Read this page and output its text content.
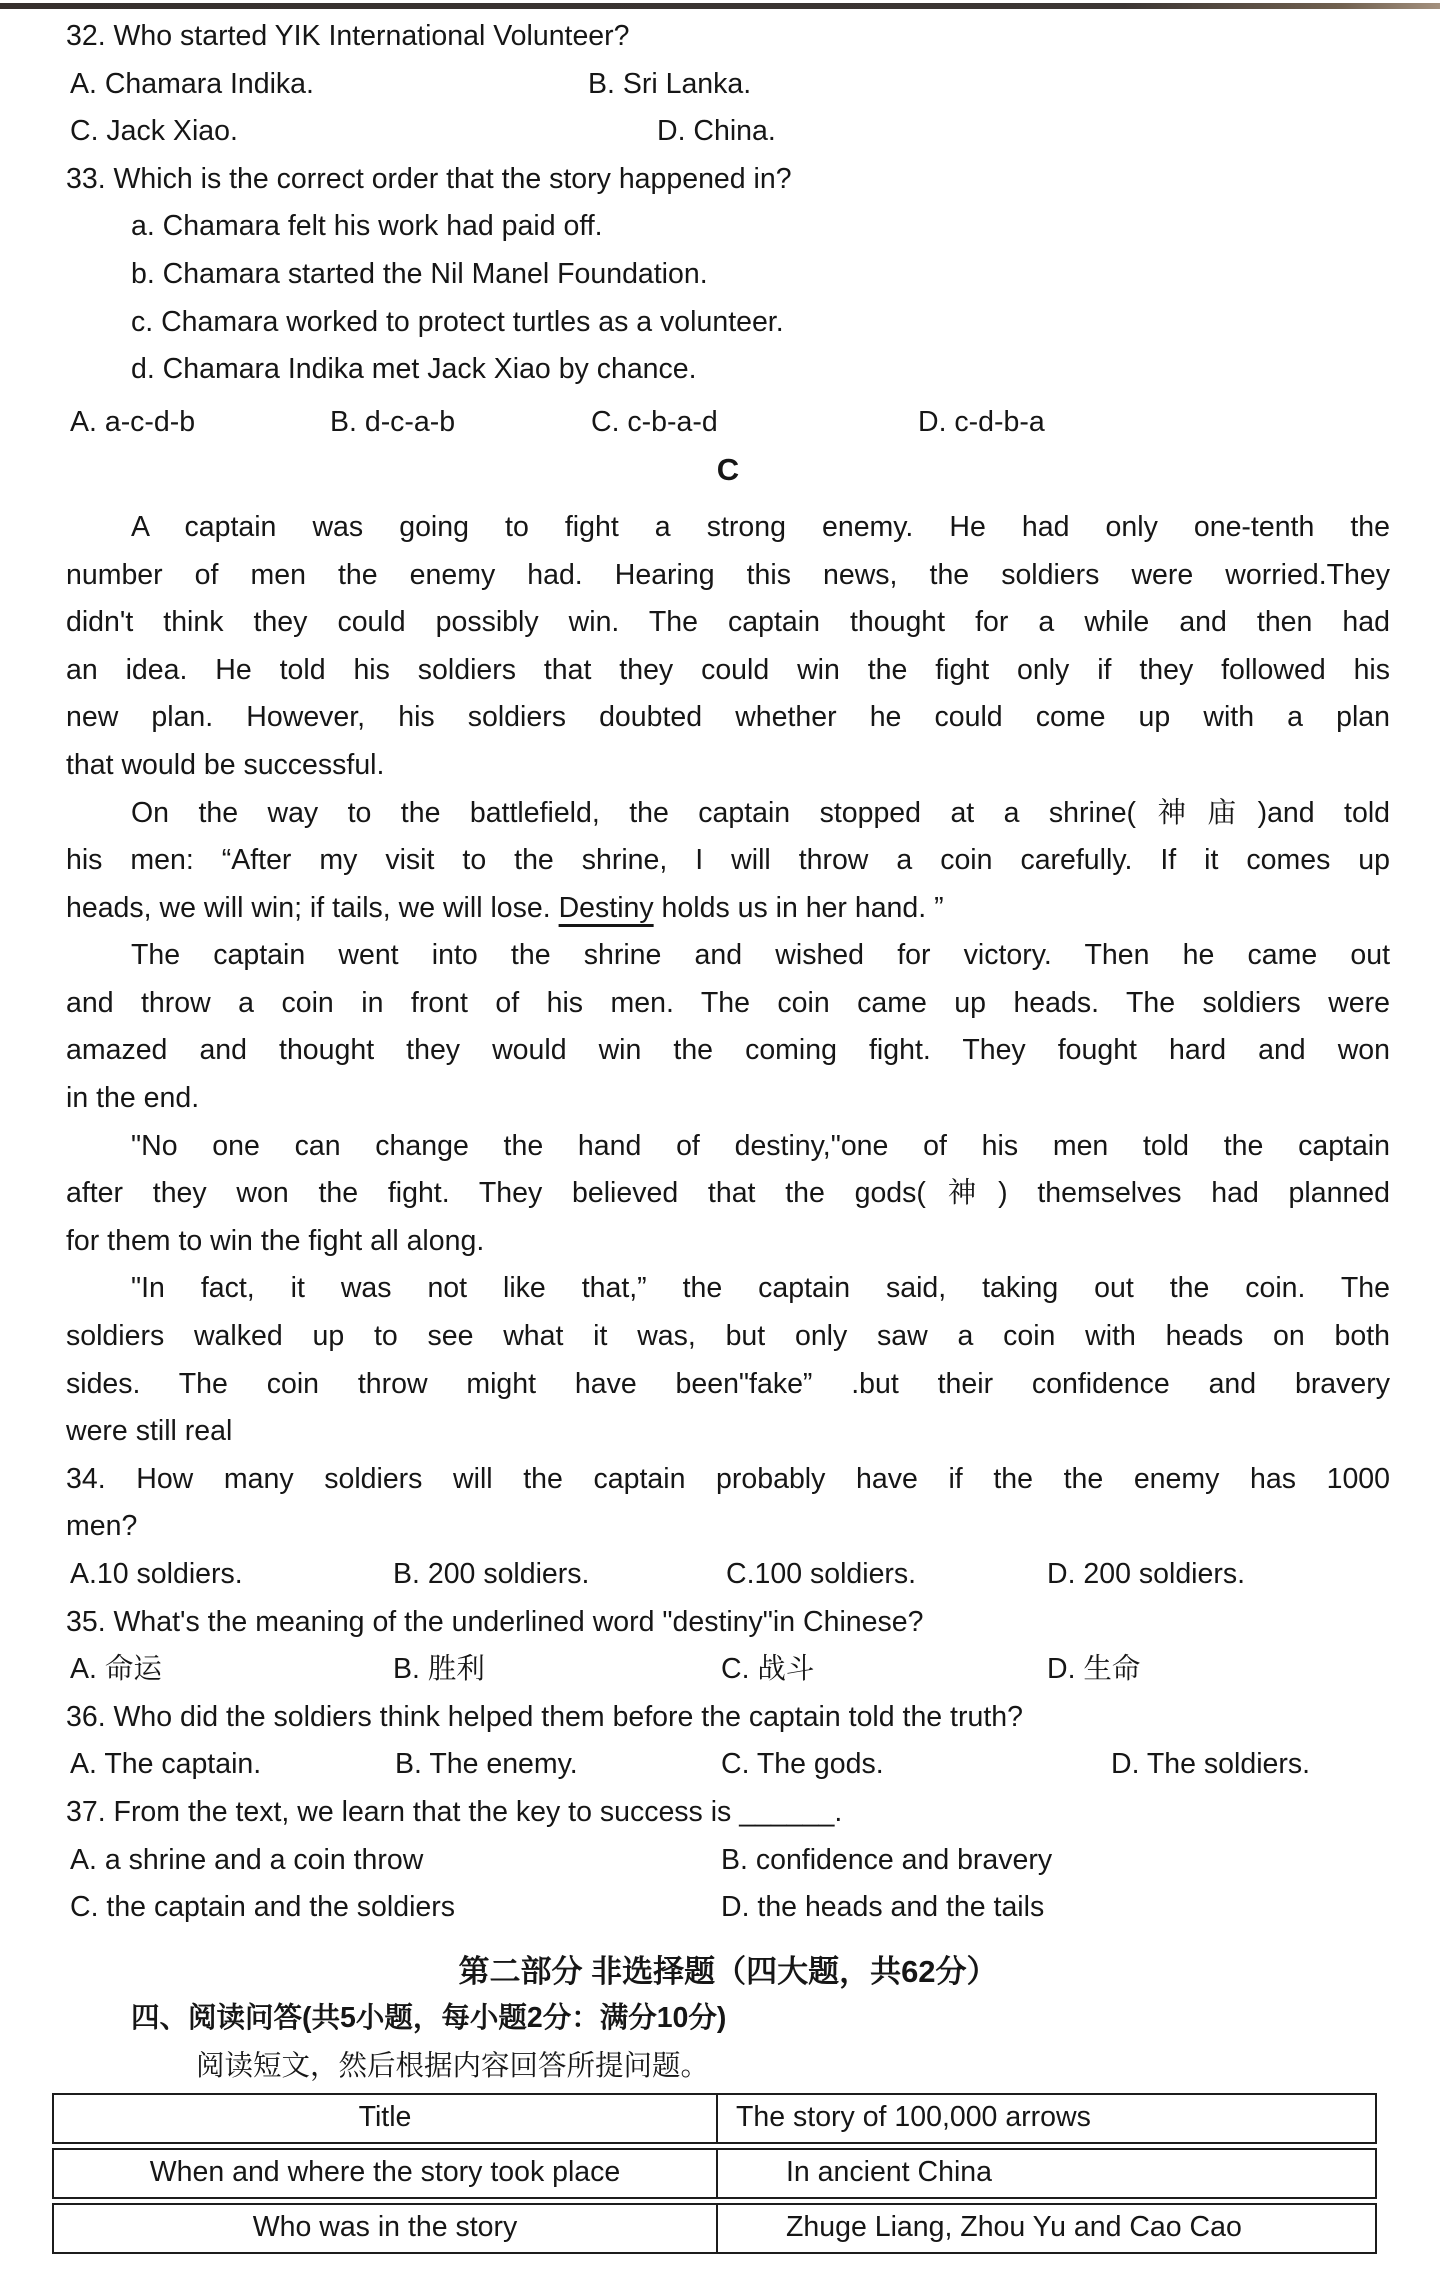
32. Who started YIK International Volunteer?
A. Chamara Indika.	B. Sri Lanka.
C. Jack Xiao.	D. China.
33. Which is the correct order that the story happened in?
a. Chamara felt his work had paid off.
b. Chamara started the Nil Manel Foundation.
c. Chamara worked to protect turtles as a volunteer.
d. Chamara Indika met Jack Xiao by chance.
A. a-c-d-b	B. d-c-a-b	C. c-b-a-d	D. c-d-b-a
C
A captain was going to fight a strong enemy. He had only one-tenth the
number of men the enemy had. Hearing this news, the soldiers were worried.They
didn't think they could possibly win. The captain thought for a while and then had
an idea. He told his soldiers that they could win the fight only if they followed his
new plan. However, his soldiers doubted whether he could come up with a plan
that would be successful.
On the way to the battlefield, the captain stopped at a shrine(神庙)and told
his men: “After my visit to the shrine, I will throw a coin carefully. If it comes up
heads, we will win; if tails, we will lose. Destiny holds us in her hand. ”
The captain went into the shrine and wished for victory. Then he came out
and throw a coin in front of his men. The coin came up heads. The soldiers were
amazed and thought they would win the coming fight. They fought hard and won
in the end.
"No one can change the hand of destiny,"one of his men told the captain
after they won the fight. They believed that the gods(神) themselves had planned
for them to win the fight all along.
"In fact, it was not like that,” the captain said, taking out the coin. The
soldiers walked up to see what it was, but only saw a coin with heads on both
sides. The coin throw might have been"fake” .but their confidence and bravery
were still real
34. How many soldiers will the captain probably have if the the enemy has 1000
men?
A.10 soldiers.	B. 200 soldiers.	C.100 soldiers.	D. 200 soldiers.
35. What's the meaning of the underlined word "destiny"in Chinese?
A. 命运	B. 胜利	C. 战斗	D. 生命
36. Who did the soldiers think helped them before the captain told the truth?
A. The captain.	B. The enemy.	C. The gods.	D. The soldiers.
37. From the text, we learn that the key to success is ______.
A. a shrine and a coin throw	B. confidence and bravery
C. the captain and the soldiers	D. the heads and the tails
第二部分 非选择题（四大题，共62分）
四、阅读问答(共5小题，每小题2分：满分10分)
阅读短文，然后根据内容回答所提问题。
Title	The story of 100,000 arrows
When and where the story took place	In ancient China
Who was in the story	Zhuge Liang, Zhou Yu and Cao Cao
